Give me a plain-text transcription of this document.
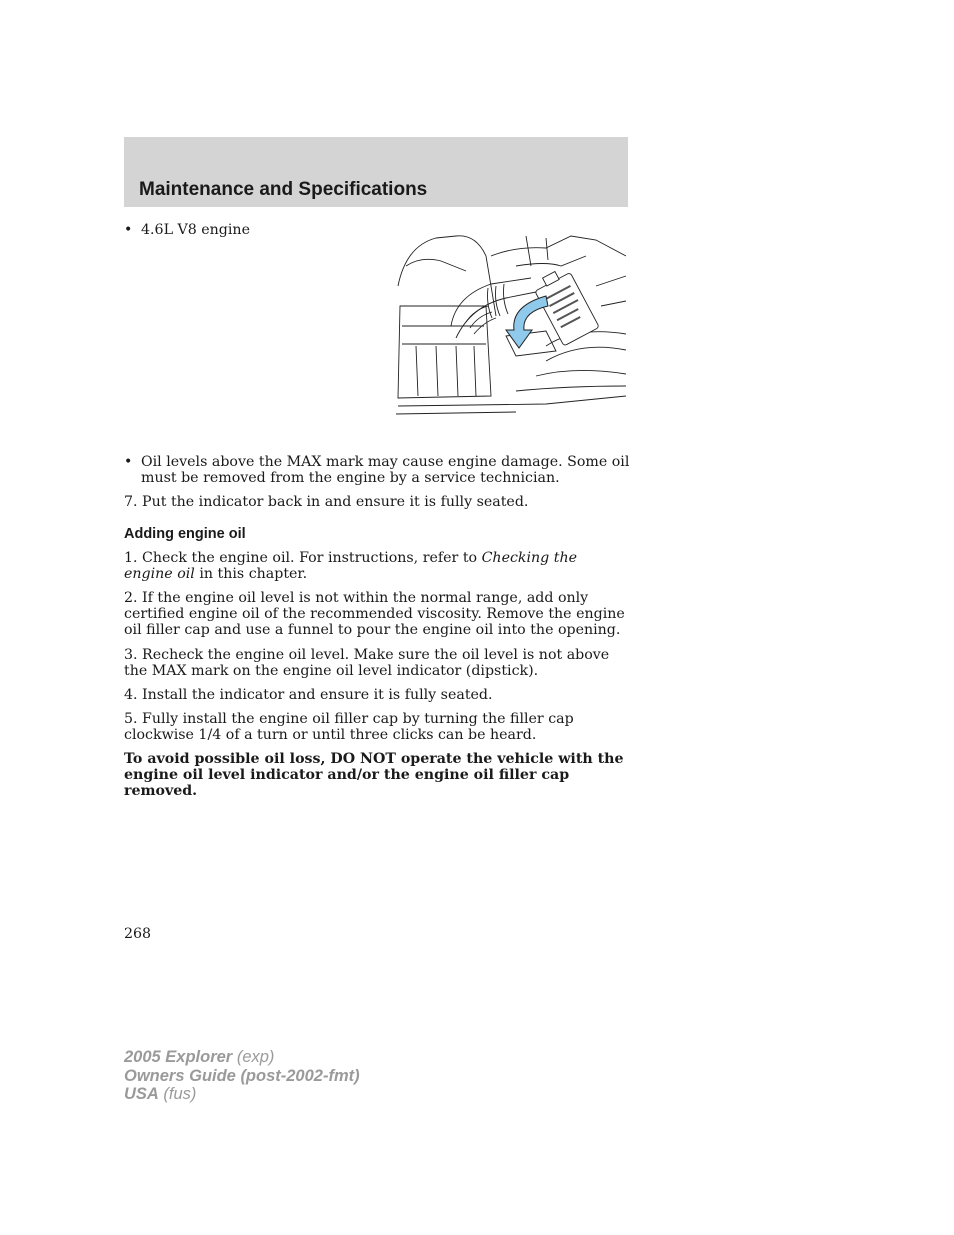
Maintenance and Specifications
• 4.6L V8 engine
• Oil levels above the MAX mark may cause engine damage. Some oil must be removed from the engine by a service technician.

7. Put the indicator back in and ensure it is fully seated.

Adding engine oil

1. Check the engine oil. For instructions, refer to Checking the engine oil in this chapter.

2. If the engine oil level is not within the normal range, add only certified engine oil of the recommended viscosity. Remove the engine oil filler cap and use a funnel to pour the engine oil into the opening.

3. Recheck the engine oil level. Make sure the oil level is not above the MAX mark on the engine oil level indicator (dipstick).

4. Install the indicator and ensure it is fully seated.

5. Fully install the engine oil filler cap by turning the filler cap clockwise 1/4 of a turn or until three clicks can be heard.

To avoid possible oil loss, DO NOT operate the vehicle with the engine oil level indicator and/or the engine oil filler cap removed.

268
2005 Explorer (exp)
Owners Guide (post-2002-fmt)
USA (fus)
